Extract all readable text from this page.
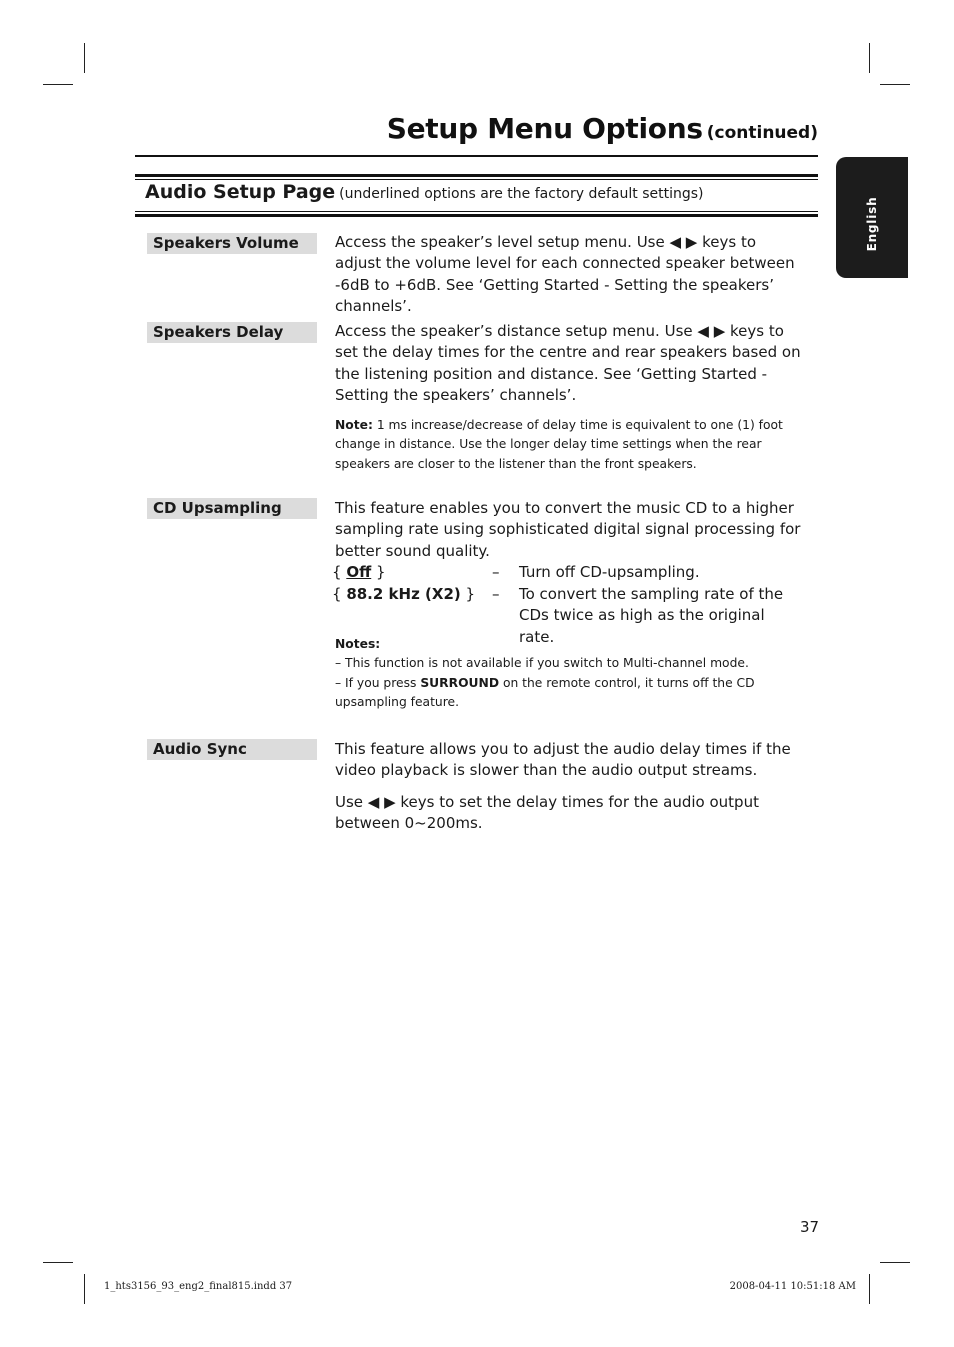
Setup Menu Options (continued)
English
Audio Setup Page (underlined options are the factory default settings)
Speakers Volume	Access the speaker’s level setup menu. Use ◀ ▶ keys to adjust the volume level for each connected speaker between -6dB to +6dB. See ‘Getting Started - Setting the speakers’ channels’.

Speakers Delay	Access the speaker’s distance setup menu. Use ◀ ▶ keys to set the delay times for the centre and rear speakers based on the listening position and distance. See ‘Getting Started - Setting the speakers’ channels’.

Note: 1 ms increase/decrease of delay time is equivalent to one (1) foot change in distance. Use the longer delay time settings when the rear speakers are closer to the listener than the front speakers.

CD Upsampling	This feature enables you to convert the music CD to a higher sampling rate using sophisticated digital signal processing for better sound quality.

{ Off }	– Turn off CD-upsampling.
{ 88.2 kHz (X2) } – To convert the sampling rate of the CDs twice as high as the original rate.

Notes:

– This function is not available if you switch to Multi-channel mode.

– If you press SURROUND on the remote control, it turns off the CD upsampling feature.

Audio Sync	This feature allows you to adjust the audio delay times if the video playback is slower than the audio output streams.

Use ◀ ▶ keys to set the delay times for the audio output between 0~200ms.

37
1_hts3156_93_eng2_final815.indd 37	2008-04-11 10:51:18 AM
